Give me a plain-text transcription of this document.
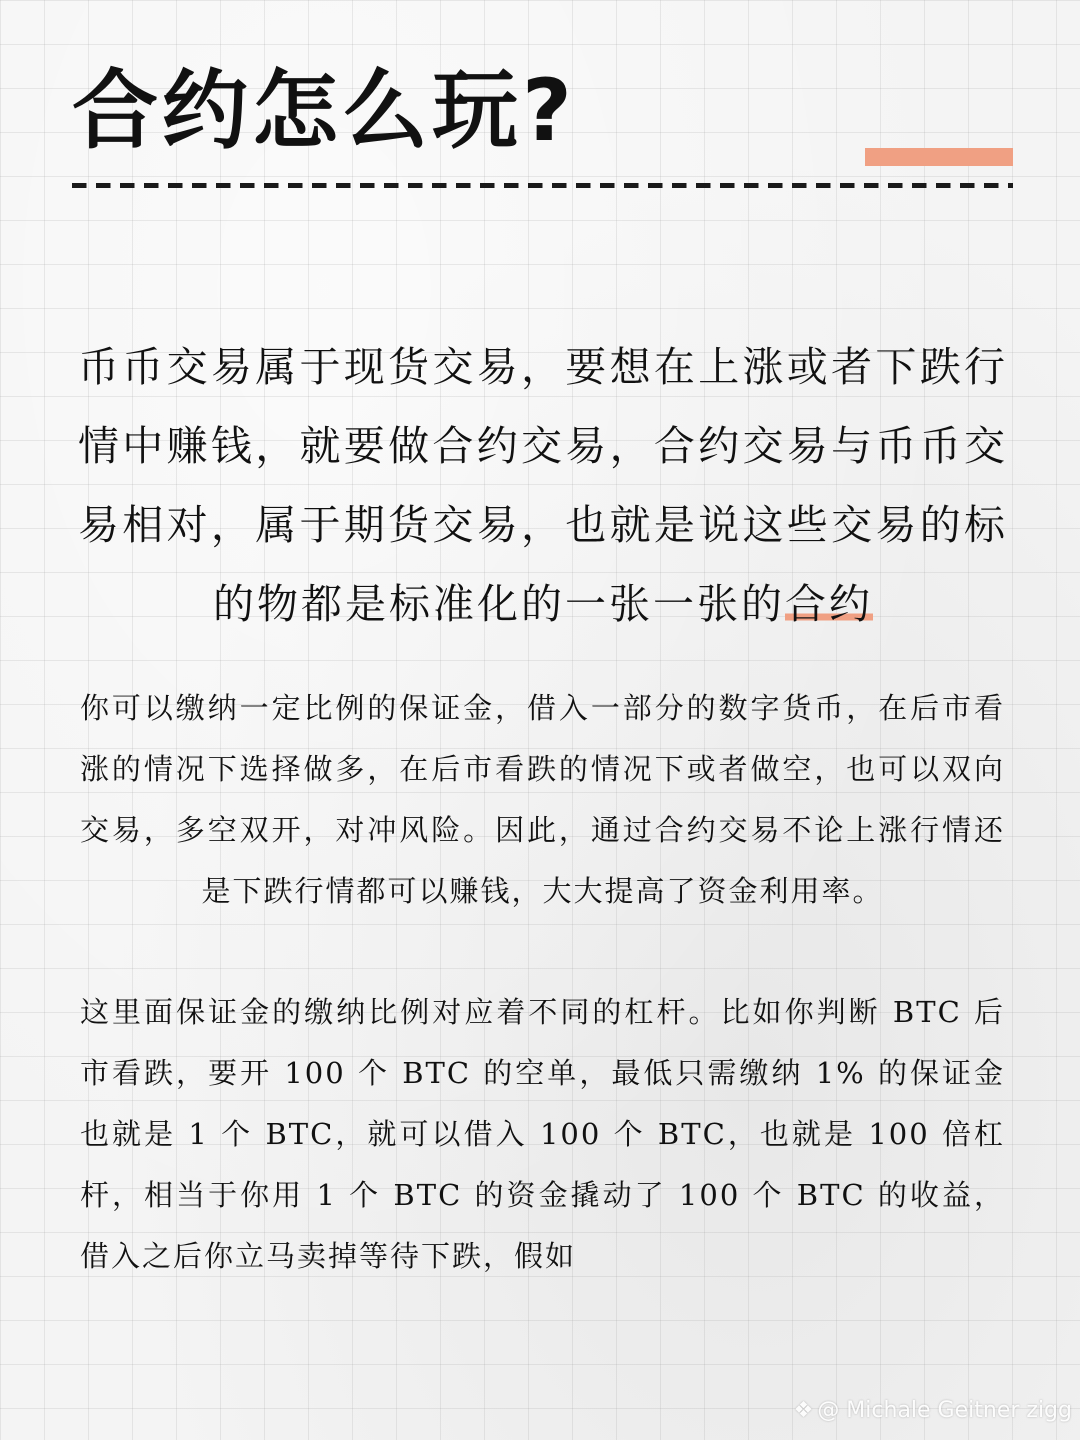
合约怎么玩?

币币交易属于现货交易，要想在上涨或者下跌行情中赚钱，就要做合约交易，合约交易与币币交易相对，属于期货交易，也就是说这些交易的标的物都是标准化的一张一张的合约

你可以缴纳一定比例的保证金，借入一部分的数字货币，在后市看涨的情况下选择做多，在后市看跌的情况下或者做空，也可以双向交易，多空双开，对冲风险。因此，通过合约交易不论上涨行情还是下跌行情都可以赚钱，大大提高了资金利用率。

这里面保证金的缴纳比例对应着不同的杠杆。比如你判断 BTC 后市看跌，要开 100 个 BTC 的空单，最低只需缴纳 1% 的保证金也就是 1 个 BTC，就可以借入 100 个 BTC，也就是 100 倍杠杆，相当于你用 1 个 BTC 的资金撬动了 100 个 BTC 的收益，借入之后你立马卖掉等待下跌，假如

❖ @ Michale Geitner zigg
